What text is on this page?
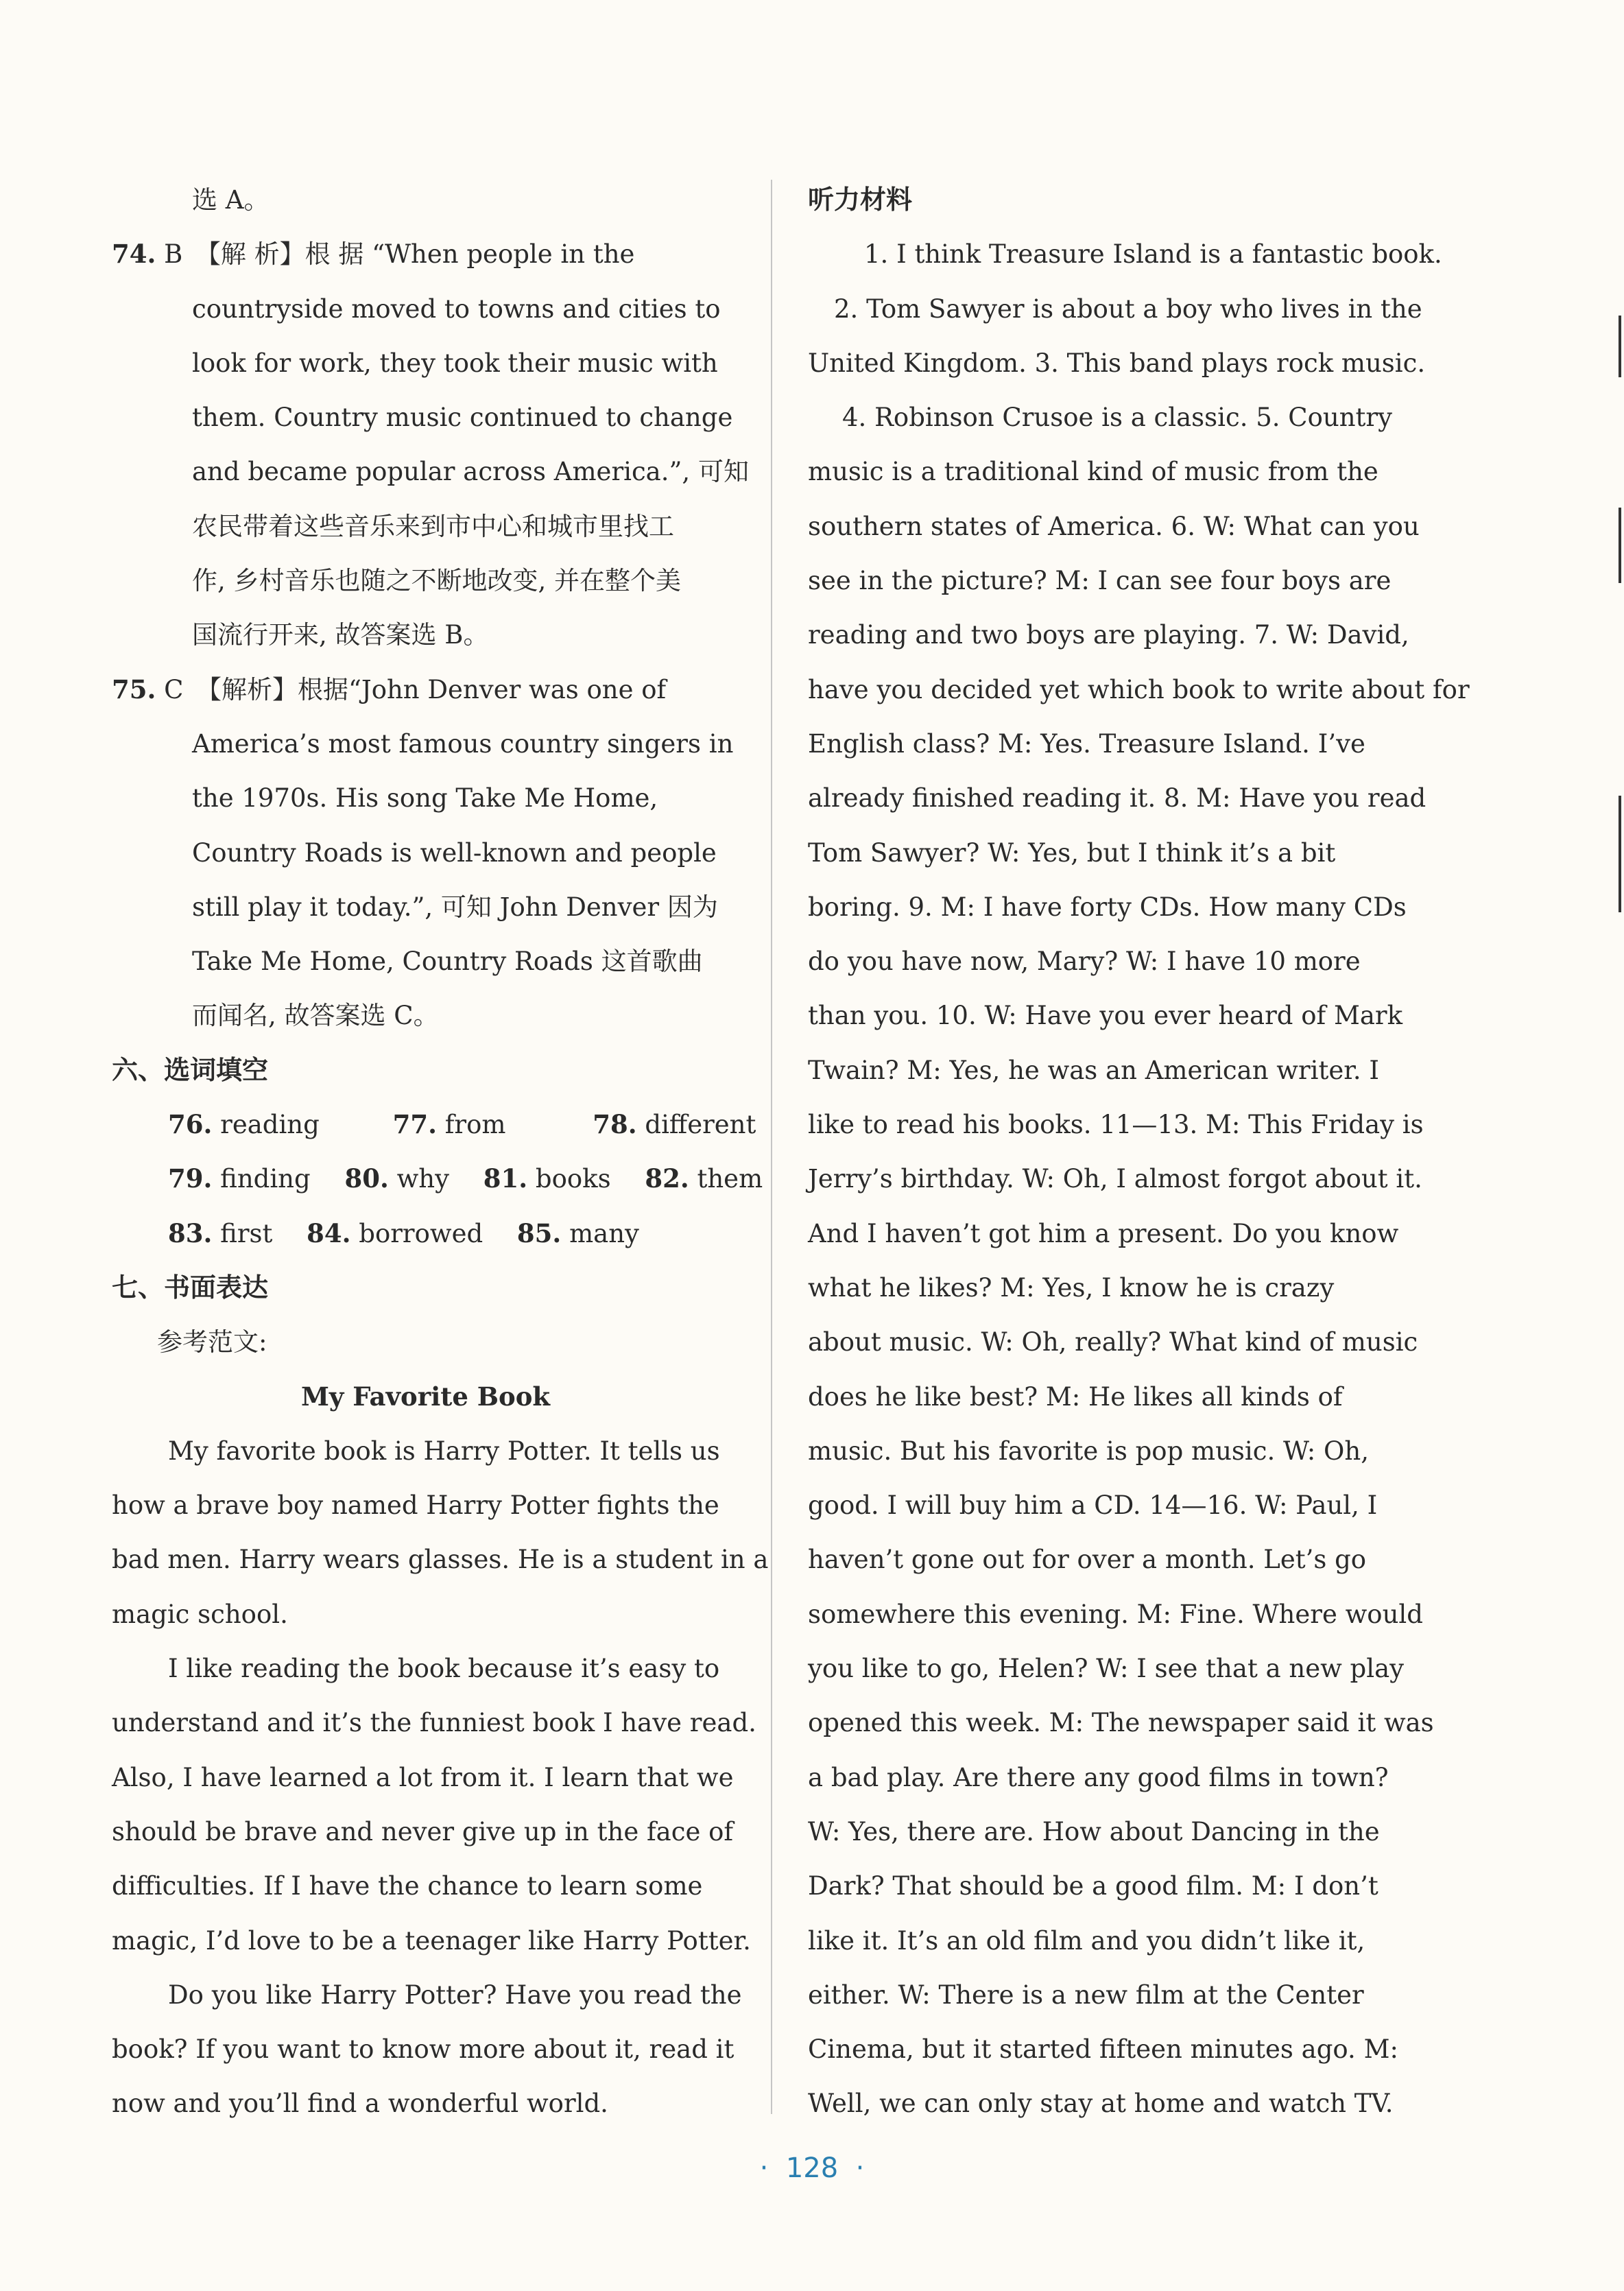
选 A。
74. B　【解 析】根 据 “When people in the
countryside moved to towns and cities to
look for work, they took their music with
them. Country music continued to change
and became popular across America.”, 可知
农民带着这些音乐来到市中心和城市里找工
作, 乡村音乐也随之不断地改变, 并在整个美
国流行开来, 故答案选 B。
75. C　【解析】根据“John Denver was one of
America’s most famous country singers in
the 1970s. His song Take Me Home,
Country Roads is well-known and people
still play it today.”, 可知 John Denver 因为
Take Me Home, Country Roads 这首歌曲
而闻名, 故答案选 C。
六、选词填空
76. reading	77. from	78. different
79. finding 80. why 81. books 82. them
83. first 84. borrowed 85. many
七、书面表达
参考范文:
My Favorite Book
My favorite book is Harry Potter. It tells us
how a brave boy named Harry Potter fights the
bad men. Harry wears glasses. He is a student in a
magic school.
I like reading the book because it’s easy to
understand and it’s the funniest book I have read.
Also, I have learned a lot from it. I learn that we
should be brave and never give up in the face of
difficulties. If I have the chance to learn some
magic, I’d love to be a teenager like Harry Potter.
Do you like Harry Potter? Have you read the
book? If you want to know more about it, read it
now and you’ll find a wonderful world.
听力材料
1. I think Treasure Island is a fantastic book.
2. Tom Sawyer is about a boy who lives in the
United Kingdom. 3. This band plays rock music.
4. Robinson Crusoe is a classic. 5. Country
music is a traditional kind of music from the
southern states of America. 6. W: What can you
see in the picture? M: I can see four boys are
reading and two boys are playing. 7. W: David,
have you decided yet which book to write about for
English class? M: Yes. Treasure Island. I’ve
already finished reading it. 8. M: Have you read
Tom Sawyer? W: Yes, but I think it’s a bit
boring. 9. M: I have forty CDs. How many CDs
do you have now, Mary? W: I have 10 more
than you. 10. W: Have you ever heard of Mark
Twain? M: Yes, he was an American writer. I
like to read his books. 11—13. M: This Friday is
Jerry’s birthday. W: Oh, I almost forgot about it.
And I haven’t got him a present. Do you know
what he likes? M: Yes, I know he is crazy
about music. W: Oh, really? What kind of music
does he like best? M: He likes all kinds of
music. But his favorite is pop music. W: Oh,
good. I will buy him a CD. 14—16. W: Paul, I
haven’t gone out for over a month. Let’s go
somewhere this evening. M: Fine. Where would
you like to go, Helen? W: I see that a new play
opened this week. M: The newspaper said it was
a bad play. Are there any good films in town?
W: Yes, there are. How about Dancing in the
Dark? That should be a good film. M: I don’t
like it. It’s an old film and you didn’t like it,
either. W: There is a new film at the Center
Cinema, but it started fifteen minutes ago. M:
Well, we can only stay at home and watch TV.
·  128  ·
